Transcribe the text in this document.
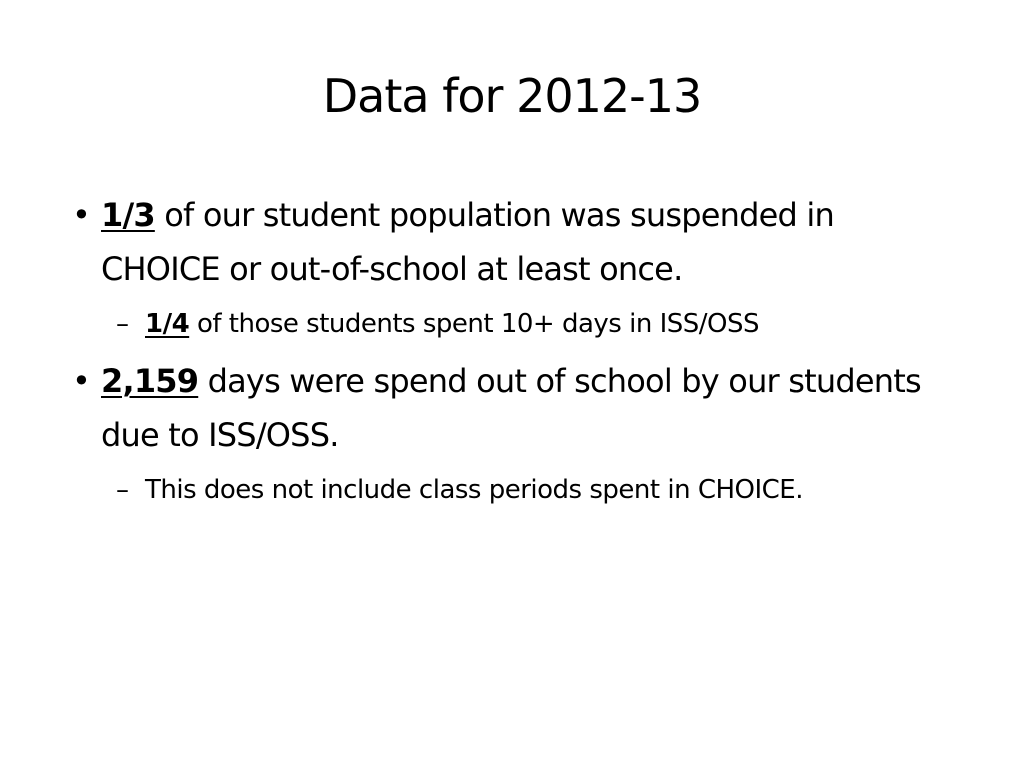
Data for 2012-13

• 1/3 of our student population was suspended in CHOICE or out-of-school at least once.

– 1/4 of those students spent 10+ days in ISS/OSS

• 2,159 days were spend out of school by our students due to ISS/OSS.

– This does not include class periods spent in CHOICE.
